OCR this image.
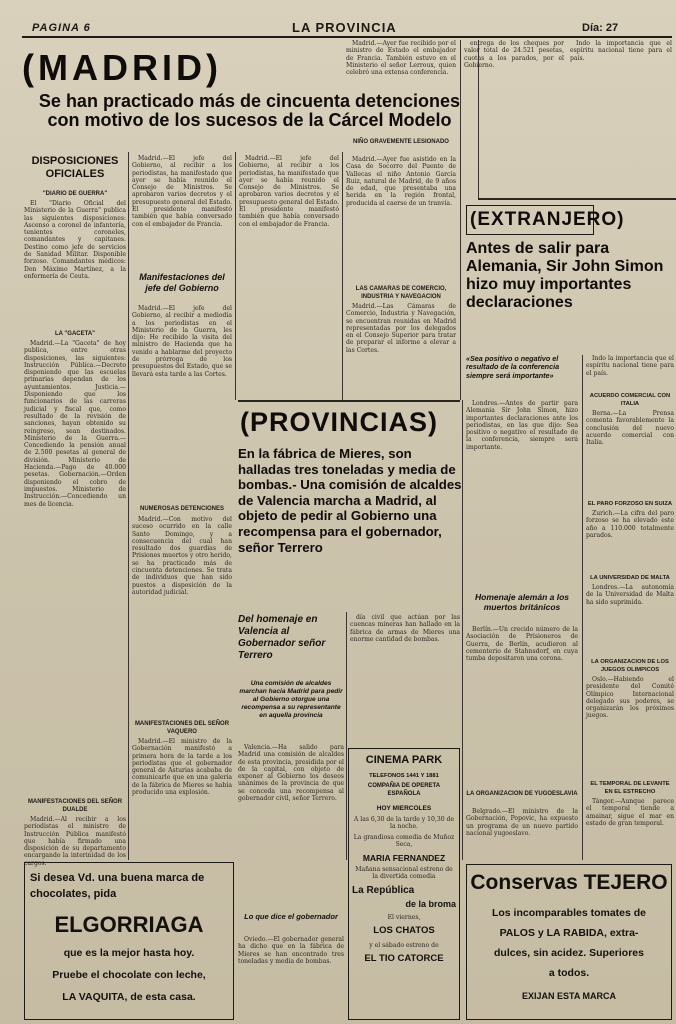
PAGINA 6	LA PROVINCIA	Día: 27
(MADRID)
Se han practicado más de cincuenta detenciones con motivo de los sucesos de la Cárcel Modelo
DISPOSICIONES OFICIALES
"DIARIO DE GUERRA"

El "Diario Oficial del Ministerio de la Guerra" publica las siguientes disposiciones: Ascenso a coronel de infantería, tenientes coroneles, comandantes y capitanes. Destino como jefe de servicios de Sanidad Militar. Disponible forzoso. Comandantes médicos: Don Máximo Martínez, a la enfermería de Ceuta.

LA "GACETA"

Madrid.—La "Gaceta" de hoy publica, entre otras disposiciones, las siguientes: Instrucción Pública.—Decreto disponiendo que las escuelas primarias dependan de los ayuntamientos. Justicia.—Disponiendo que los funcionarios de las carreras judicial y fiscal que, como resultado de la revisión de sanciones, hayan obtenido su reingreso, sean destinados. Ministerio de la Guerra.—Concediendo la pensión anual de 2.500 pesetas al general de división. Ministerio de Hacienda.—Pago de 40.000 pesetas. Gobernación.—Orden disponiendo el cobro de impuestos. Ministerio de Instrucción.—Concediendo un mes de licencia.

MANIFESTACIONES DEL SEÑOR DUALDE

Madrid.—Al recibir a los periodistas el ministro de Instrucción Pública manifestó que había firmado una disposición de su departamento encargando la interinidad de los cargos.

Madrid.—El jefe del Gobierno, al recibir a los periodistas, ha manifestado que ayer se había reunido el Consejo de Ministros. Se aprobaron varios decretos y el presupuesto general del Estado. El presidente manifestó también que había conversado con el embajador de Francia.

Manifestaciones del jefe del Gobierno

Madrid.—El jefe del Gobierno, al recibir a mediodía a los periodistas en el Ministerio de la Guerra, les dijo: He recibido la visita del ministro de Hacienda que ha venido a hablarme del proyecto de prórroga de los presupuestos del Estado, que se llevará esta tarde a las Cortes.

NUMEROSAS DETENCIONES

Madrid.—Con motivo del suceso ocurrido en la calle Santo Domingo, y a consecuencia del cual han resultado dos guardias de Prisiones muertos y otro herido, se ha practicado más de cincuenta detenciones. Se trata de individuos que han sido puestos a disposición de la autoridad judicial.

MANIFESTACIONES DEL SEÑOR VAQUERO

Madrid.—El ministro de la Gobernación manifestó a primera hora de la tarde a los periodistas que el gobernador general de Asturias acababa de comunicarle que en una galería de la fábrica de Mieres se había producido una explosión.

Madrid.—El jefe del Gobierno, al recibir a los periodistas, ha manifestado que ayer se había reunido el Consejo de Ministros. Se aprobaron varios decretos y el presupuesto general del Estado. El presidente manifestó también que había conversado con el embajador de Francia.

Madrid.—Ayer fue recibido por el ministro de Estado el embajador de Francia. También estuvo en el Ministerio el señor Lerroux, quien celebró una extensa conferencia.

NIÑO GRAVEMENTE LESIONADO

Madrid.—Ayer fue asistido en la Casa de Socorro del Puente de Vallecas el niño Antonio García Ruiz, natural de Madrid, de 9 años de edad, que presentaba una herida en la región frontal, producida al caerse de un tranvía.

LAS CAMARAS DE COMERCIO, INDUSTRIA Y NAVEGACION

Madrid.—Las Cámaras de Comercio, Industria y Navegación, se encuentran reunidas en Madrid representadas por los delegados en el Consejo Superior para tratar de preparar el informe a elevar a las Cortes.

entrega de los cheques por valor total de 24.521 pesetas, cuotas a los parados, por el Gobierno.

Indo la importancia que el espíritu nacional tiene para el país.

(EXTRANJERO)
Antes de salir para Alemania, Sir John Simon hizo muy importantes declaraciones
«Sea positivo o negativo el resultado de la conferencia siempre será importante»

Londres.—Antes de partir para Alemania Sir John Simon, hizo importantes declaraciones ante los periodistas, en las que dijo: Sea positivo o negativo el resultado de la conferencia, siempre será importante.

Homenaje alemán a los muertos británicos

Berlín.—Un crecido número de la Asociación de Prisioneros de Guerra, de Berlín, acudieron al cementerio de Stahnsdorf, en cuya tumba depositaron una corona.

LA ORGANIZACION DE YUGOESLAVIA

Belgrado.—El ministro de la Gobernación, Popovic, ha expuesto un programa de un nuevo partido nacional yugoeslavo.

Indo la importancia que el espíritu nacional tiene para el país.

ACUERDO COMERCIAL CON ITALIA

Berna.—La Prensa comenta favorablemente la conclusión del nuevo acuerdo comercial con Italia.

EL PARO FORZOSO EN SUIZA

Zurich.—La cifra del paro forzoso se ha elevado este año a 110.000 totalmente parados.

LA UNIVERSIDAD DE MALTA

Londres.—La autonomía de la Universidad de Malta ha sido suprimida.

LA ORGANIZACION DE LOS JUEGOS OLIMPICOS

Oslo.—Habiendo el presidente del Comité Olímpico Internacional delegado sus poderes, se organizarán los próximos juegos.

EL TEMPORAL DE LEVANTE EN EL ESTRECHO

Tánger.—Aunque parece el temporal tiende a amainar, sigue el mar en estado de gran temporal.

(PROVINCIAS)
En la fábrica de Mieres, son halladas tres toneladas y media de bombas.- Una comisión de alcaldes de Valencia marcha a Madrid, al objeto de pedir al Gobierno una recompensa para el gobernador, señor Terrero
Del homenaje en Valencia al Gobernador señor Terrero
Una comisión de alcaldes marchan hacia Madrid para pedir al Gobierno otorgue una recompensa a su representante en aquella provincia

Valencia.—Ha salido para Madrid una comisión de alcaldes de esta provincia, presidida por el de la capital, con objeto de exponer al Gobierno los deseos unánimes de la provincia de que se conceda una recompensa al gobernador civil, señor Terrero.

Lo que dice el gobernador

Oviedo.—El gobernador general ha dicho que en la fábrica de Mieres se han encontrado tres toneladas y media de bombas.

día civil que actúan por las cuencas mineras han hallado en la fábrica de armas de Mieres una enorme cantidad de bombas.

CINEMA PARK
TELEFONOS 1441 Y 1881
COMPAÑIA DE OPERETA ESPAÑOLA
HOY MIERCOLES
A las 6,30 de la tarde y 10,30 de la noche.
La grandiosa comedia de Muñoz Seca,
MARIA FERNANDEZ
Mañana sensacional estreno de la divertida comedia
La República
de la broma
El viernes,
LOS CHATOS
y el sábado estreno de
EL TIO CATORCE
Si desea Vd. una buena marca de chocolates, pida
ELGORRIAGA
que es la mejor hasta hoy.
Pruebe el chocolate con leche,
LA VAQUITA, de esta casa.
Conservas TEJERO
Los incomparables tomates de
PALOS y LA RABIDA, extra-
dulces, sin acidez. Superiores
a todos.
EXIJAN ESTA MARCA
